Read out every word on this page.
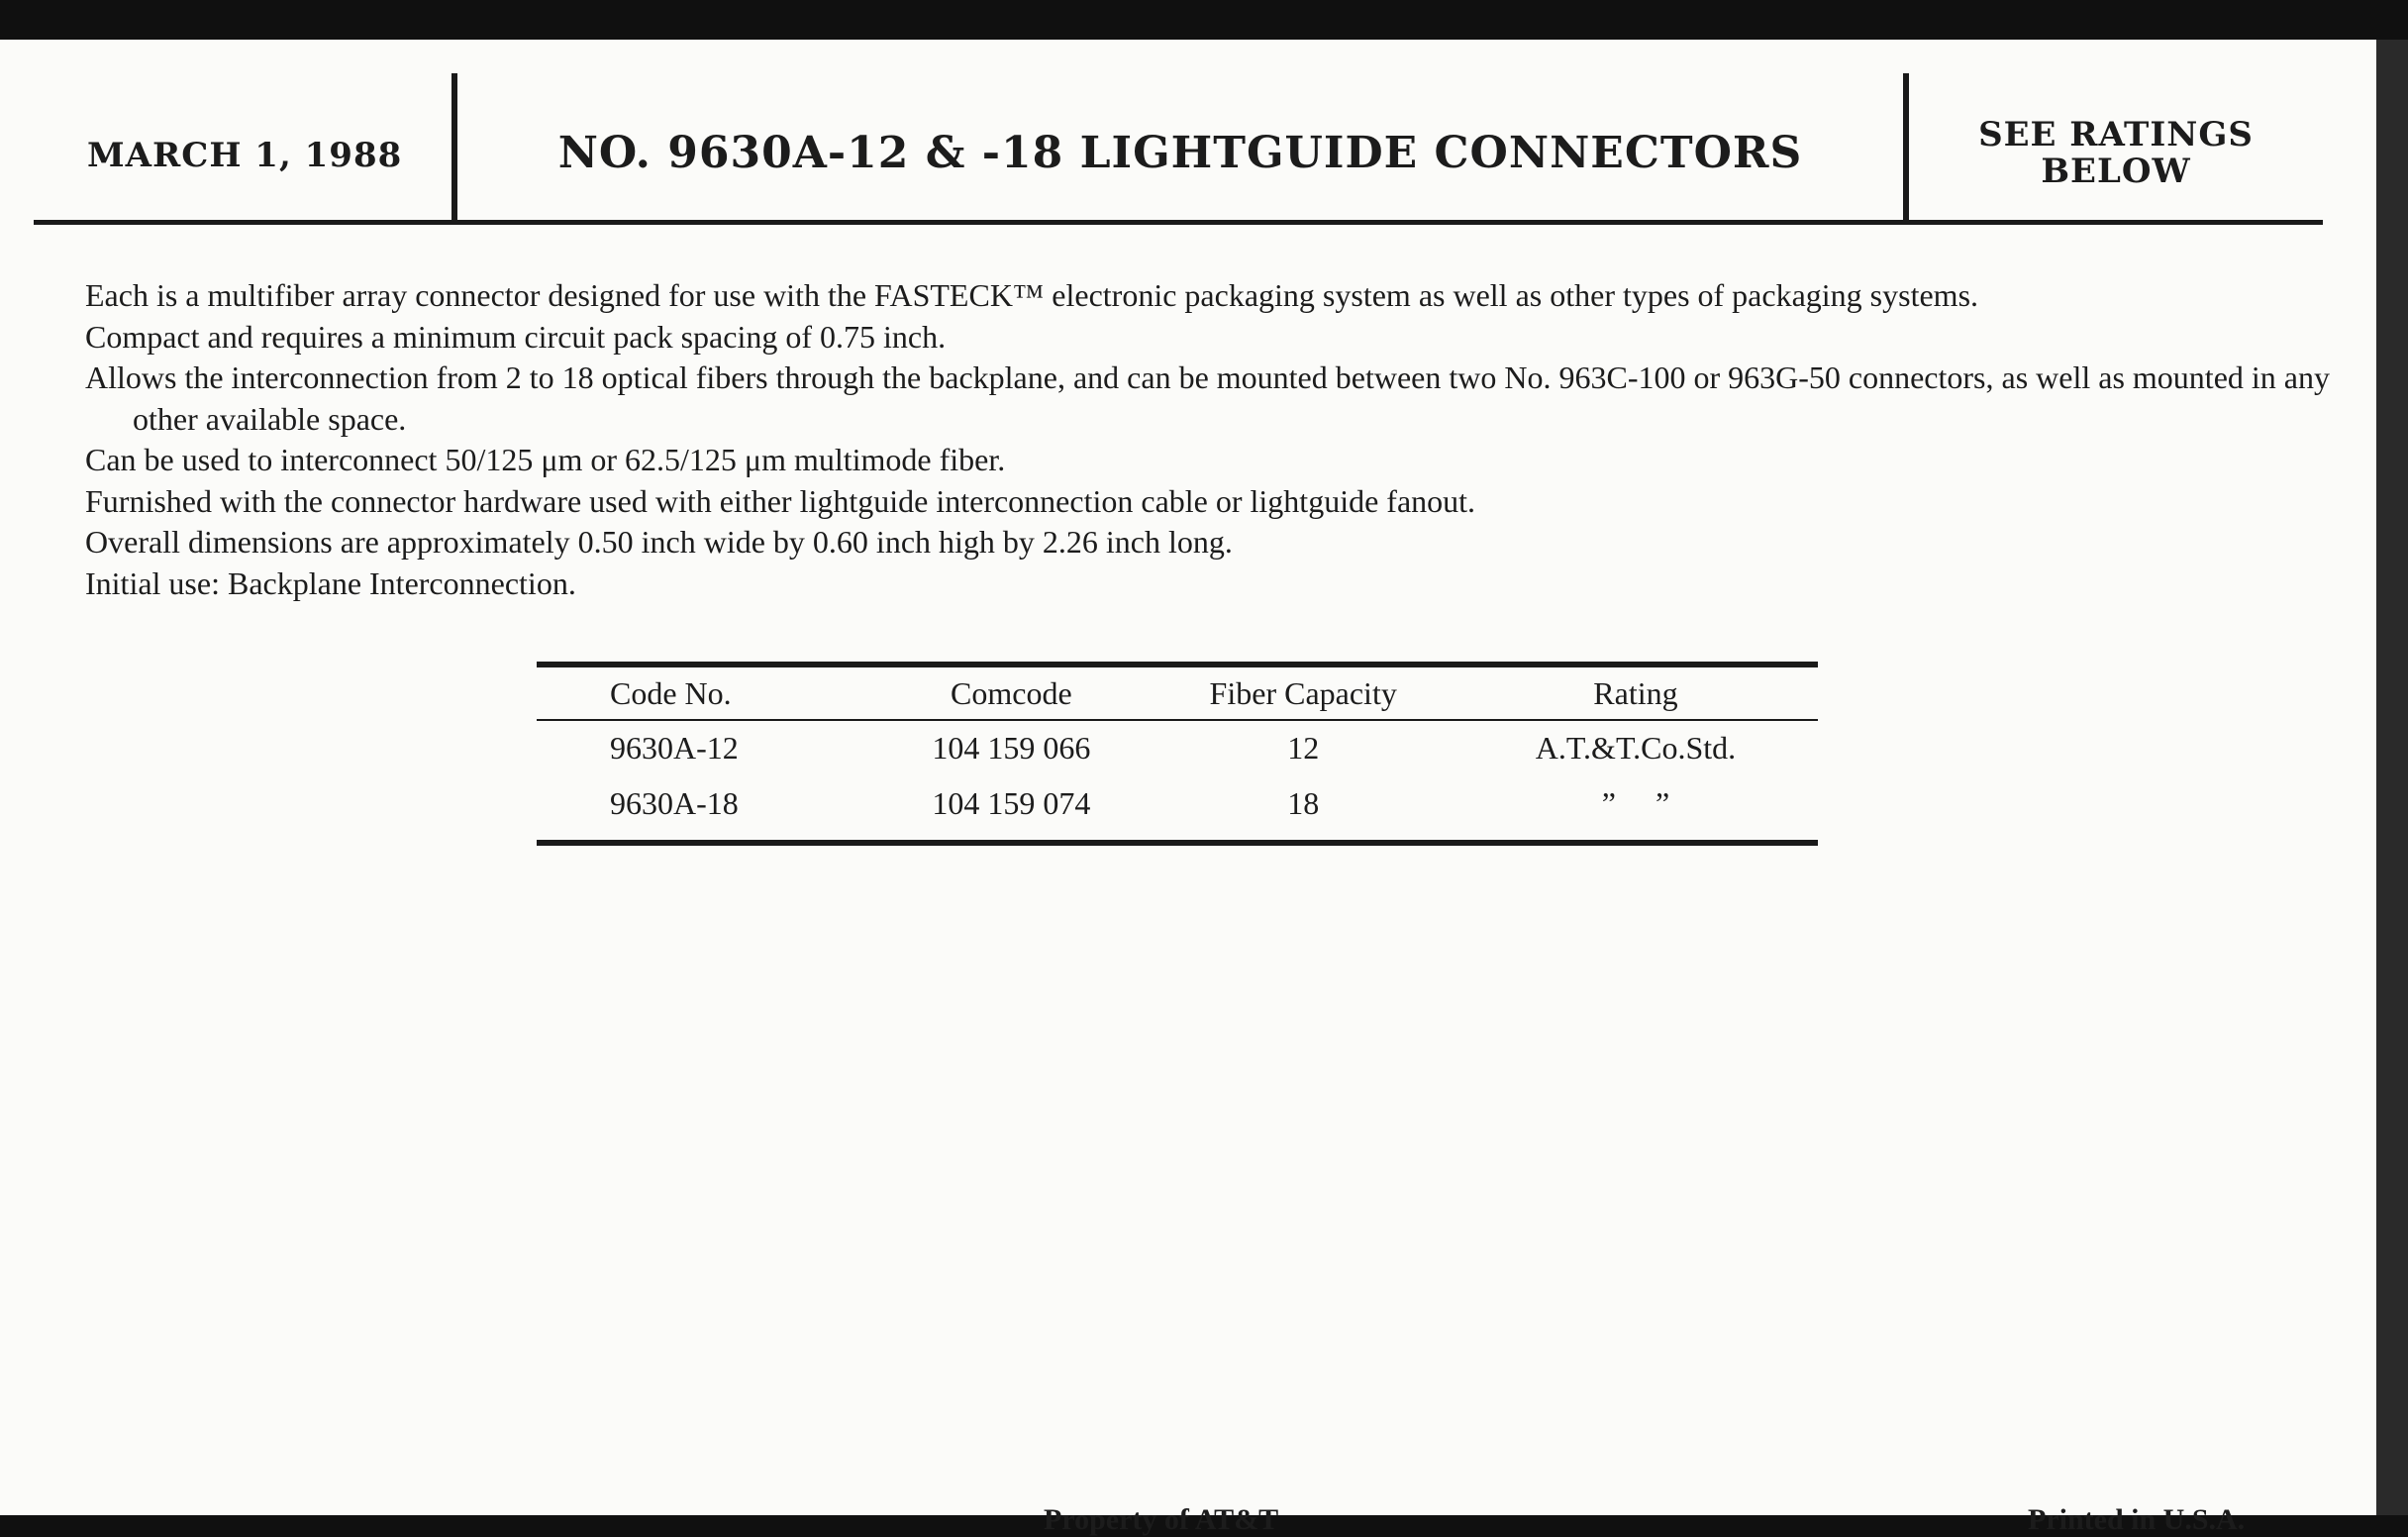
MARCH 1, 1988	NO. 9630A-12 & -18 LIGHTGUIDE CONNECTORS	SEE RATINGS
BELOW

Each is a multifiber array connector designed for use with the FASTECK™ electronic packaging system as well as other types of packaging systems.

Compact and requires a minimum circuit pack spacing of 0.75 inch.

Allows the interconnection from 2 to 18 optical fibers through the backplane, and can be mounted between two No. 963C-100 or 963G-50 connectors, as well as mounted in any other available space.

Can be used to interconnect 50/125 μm or 62.5/125 μm multimode fiber.

Furnished with the connector hardware used with either lightguide interconnection cable or lightguide fanout.

Overall dimensions are approximately 0.50 inch wide by 0.60 inch high by 2.26 inch long.

Initial use: Backplane Interconnection.

Code No.	Comcode	Fiber Capacity	Rating
9630A-12	104 159 066	12	A.T.&T.Co.Std.
9630A-18	104 159 074	18	”     ”
Property of AT&T	Printed in U.S.A.
